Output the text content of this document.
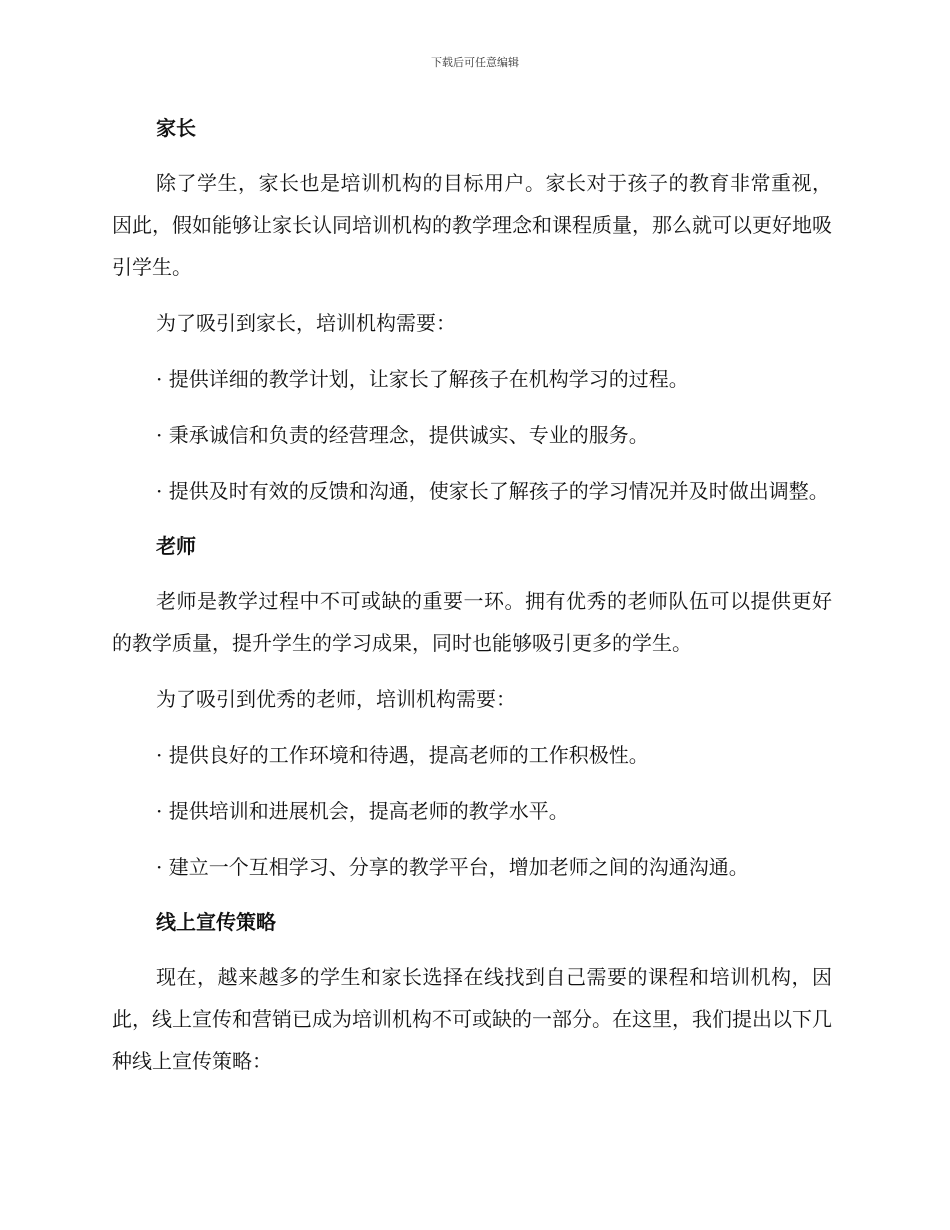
下载后可任意编辑
家长

除了学生，家长也是培训机构的目标用户。家长对于孩子的教育非常重视，因此，假如能够让家长认同培训机构的教学理念和课程质量，那么就可以更好地吸引学生。

为了吸引到家长，培训机构需要：

· 提供详细的教学计划，让家长了解孩子在机构学习的过程。

· 秉承诚信和负责的经营理念，提供诚实、专业的服务。

· 提供及时有效的反馈和沟通，使家长了解孩子的学习情况并及时做出调整。

老师

老师是教学过程中不可或缺的重要一环。拥有优秀的老师队伍可以提供更好的教学质量，提升学生的学习成果，同时也能够吸引更多的学生。

为了吸引到优秀的老师，培训机构需要：

· 提供良好的工作环境和待遇，提高老师的工作积极性。

· 提供培训和进展机会，提高老师的教学水平。

· 建立一个互相学习、分享的教学平台，增加老师之间的沟通沟通。

线上宣传策略

现在，越来越多的学生和家长选择在线找到自己需要的课程和培训机构，因此，线上宣传和营销已成为培训机构不可或缺的一部分。在这里，我们提出以下几种线上宣传策略：
